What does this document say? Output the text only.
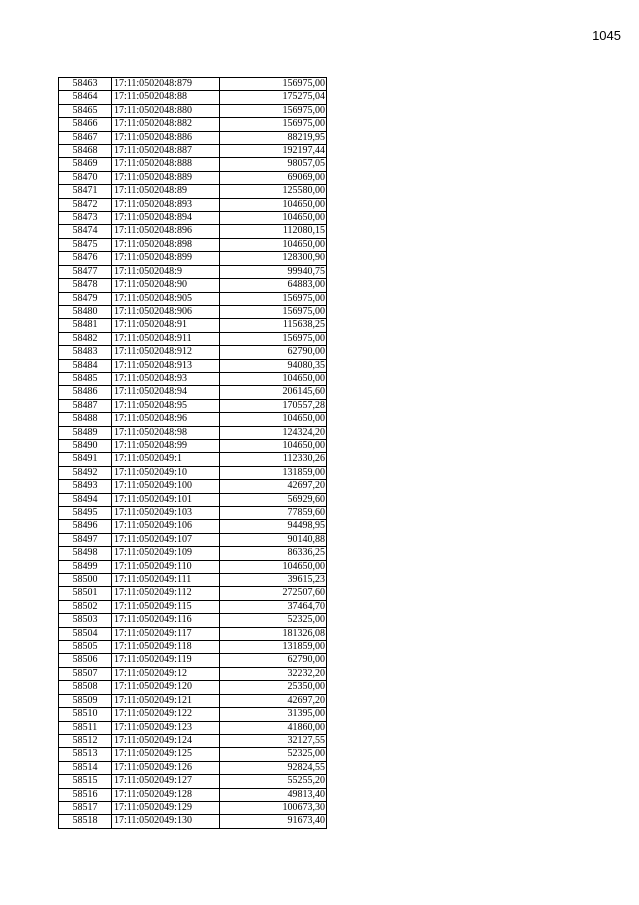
1045
58463	17:11:0502048:879	156975,00
58464	17:11:0502048:88	175275,04
58465	17:11:0502048:880	156975,00
58466	17:11:0502048:882	156975,00
58467	17:11:0502048:886	88219,95
58468	17:11:0502048:887	192197,44
58469	17:11:0502048:888	98057,05
58470	17:11:0502048:889	69069,00
58471	17:11:0502048:89	125580,00
58472	17:11:0502048:893	104650,00
58473	17:11:0502048:894	104650,00
58474	17:11:0502048:896	112080,15
58475	17:11:0502048:898	104650,00
58476	17:11:0502048:899	128300,90
58477	17:11:0502048:9	99940,75
58478	17:11:0502048:90	64883,00
58479	17:11:0502048:905	156975,00
58480	17:11:0502048:906	156975,00
58481	17:11:0502048:91	115638,25
58482	17:11:0502048:911	156975,00
58483	17:11:0502048:912	62790,00
58484	17:11:0502048:913	94080,35
58485	17:11:0502048:93	104650,00
58486	17:11:0502048:94	206145,60
58487	17:11:0502048:95	170557,28
58488	17:11:0502048:96	104650,00
58489	17:11:0502048:98	124324,20
58490	17:11:0502048:99	104650,00
58491	17:11:0502049:1	112330,26
58492	17:11:0502049:10	131859,00
58493	17:11:0502049:100	42697,20
58494	17:11:0502049:101	56929,60
58495	17:11:0502049:103	77859,60
58496	17:11:0502049:106	94498,95
58497	17:11:0502049:107	90140,88
58498	17:11:0502049:109	86336,25
58499	17:11:0502049:110	104650,00
58500	17:11:0502049:111	39615,23
58501	17:11:0502049:112	272507,60
58502	17:11:0502049:115	37464,70
58503	17:11:0502049:116	52325,00
58504	17:11:0502049:117	181326,08
58505	17:11:0502049:118	131859,00
58506	17:11:0502049:119	62790,00
58507	17:11:0502049:12	32232,20
58508	17:11:0502049:120	25350,00
58509	17:11:0502049:121	42697,20
58510	17:11:0502049:122	31395,00
58511	17:11:0502049:123	41860,00
58512	17:11:0502049:124	32127,55
58513	17:11:0502049:125	52325,00
58514	17:11:0502049:126	92824,55
58515	17:11:0502049:127	55255,20
58516	17:11:0502049:128	49813,40
58517	17:11:0502049:129	100673,30
58518	17:11:0502049:130	91673,40
